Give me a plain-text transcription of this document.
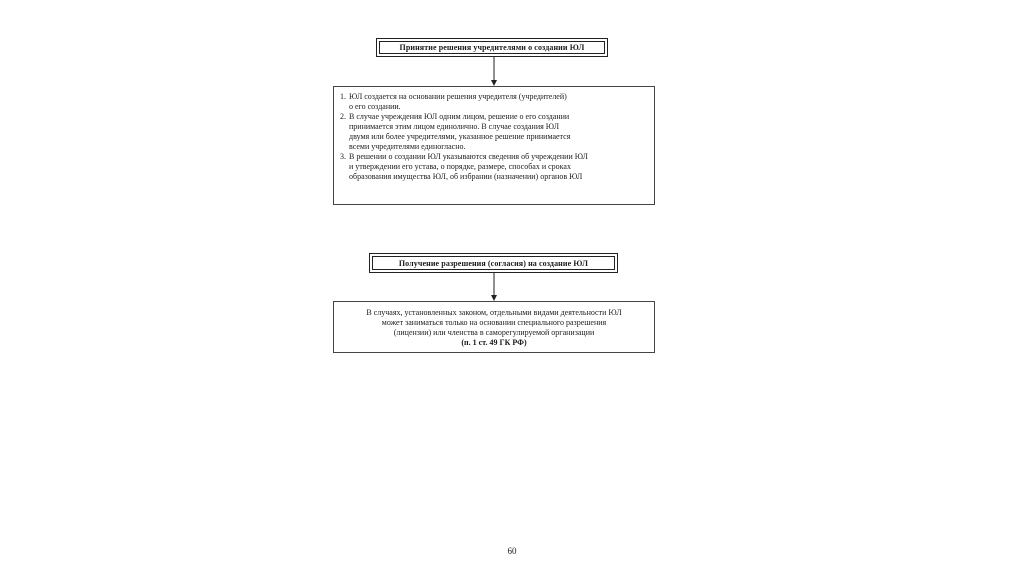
Принятие решения учредителями о создании ЮЛ
1. ЮЛ создается на основании решения учредителя (учредителей)
о его создании.
2. В случае учреждения ЮЛ одним лицом, решение о его создании
принимается этим лицом единолично. В случае создания ЮЛ
двумя или более учредителями, указанное решение принимается
всеми учредителями единогласно.
3. В решении о создании ЮЛ указываются сведения об учреждении ЮЛ
и утверждении его устава, о порядке, размере, способах и сроках
образования имущества ЮЛ, об избрании (назначении) органов ЮЛ
Получение разрешения (согласия) на создание ЮЛ
В случаях, установленных законом, отдельными видами деятельности ЮЛ
может заниматься только на основании специального разрешения
(лицензии) или членства в саморегулируемой организации
(п. 1 ст. 49 ГК РФ)
60
